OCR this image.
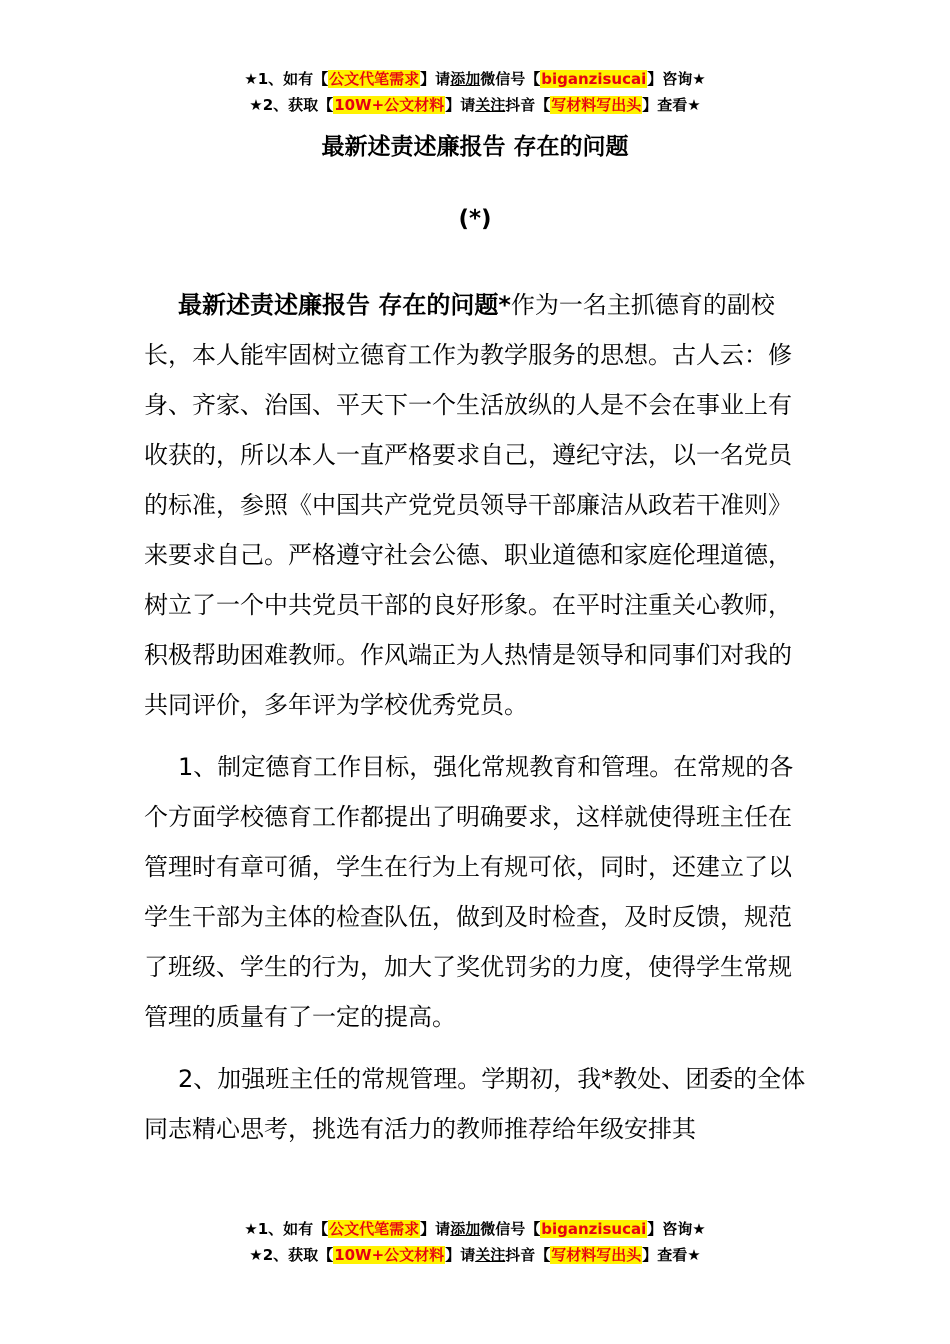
★1、如有【公文代笔需求】请添加微信号【biganzisucai】咨询★
★2、获取【10W+公文材料】请关注抖音【写材料写出头】查看★
最新述责述廉报告 存在的问题
(*)

最新述责述廉报告 存在的问题*作为一名主抓德育的副校长，本人能牢固树立德育工作为教学服务的思想。古人云：修身、齐家、治国、平天下一个生活放纵的人是不会在事业上有收获的，所以本人一直严格要求自己，遵纪守法，以一名党员的标准，参照《中国共产党党员领导干部廉洁从政若干准则》来要求自己。严格遵守社会公德、职业道德和家庭伦理道德，树立了一个中共党员干部的良好形象。在平时注重关心教师，积极帮助困难教师。作风端正为人热情是领导和同事们对我的共同评价，多年评为学校优秀党员。

1、制定德育工作目标，强化常规教育和管理。在常规的各个方面学校德育工作都提出了明确要求，这样就使得班主任在管理时有章可循，学生在行为上有规可依，同时，还建立了以学生干部为主体的检查队伍，做到及时检查，及时反馈，规范了班级、学生的行为，加大了奖优罚劣的力度，使得学生常规管理的质量有了一定的提高。

2、加强班主任的常规管理。学期初，我*教处、团委的全体同志精心思考，挑选有活力的教师推荐给年级安排其

★1、如有【公文代笔需求】请添加微信号【biganzisucai】咨询★
★2、获取【10W+公文材料】请关注抖音【写材料写出头】查看★
